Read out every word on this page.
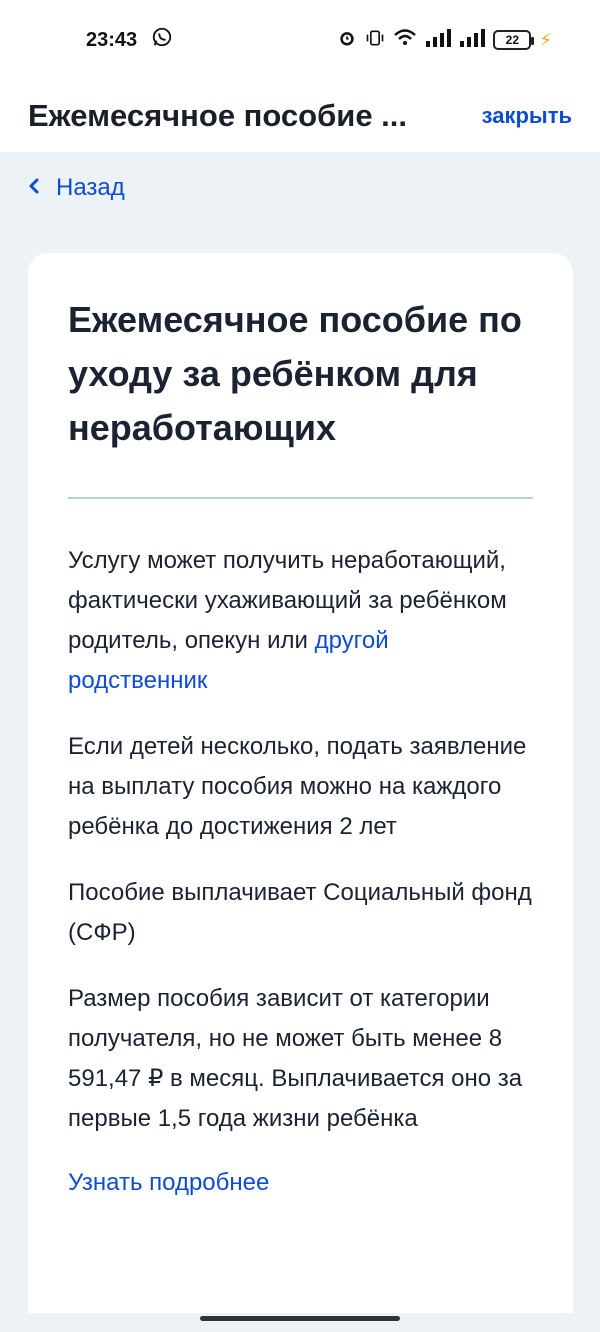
23:43	22 ⚡
Ежемесячное пособие ...	закрыть
Назад
Ежемесячное пособие по уходу за ребёнком для неработающих

Услугу может получить неработающий, фактически ухаживающий за ребёнком родитель, опекун или другой родственник

Если детей несколько, подать заявление на выплату пособия можно на каждого ребёнка до достижения 2 лет

Пособие выплачивает Социальный фонд (СФР)

Размер пособия зависит от категории получателя, но не может быть менее 8 591,47 ₽ в месяц. Выплачивается оно за первые 1,5 года жизни ребёнка

Узнать подробнее
